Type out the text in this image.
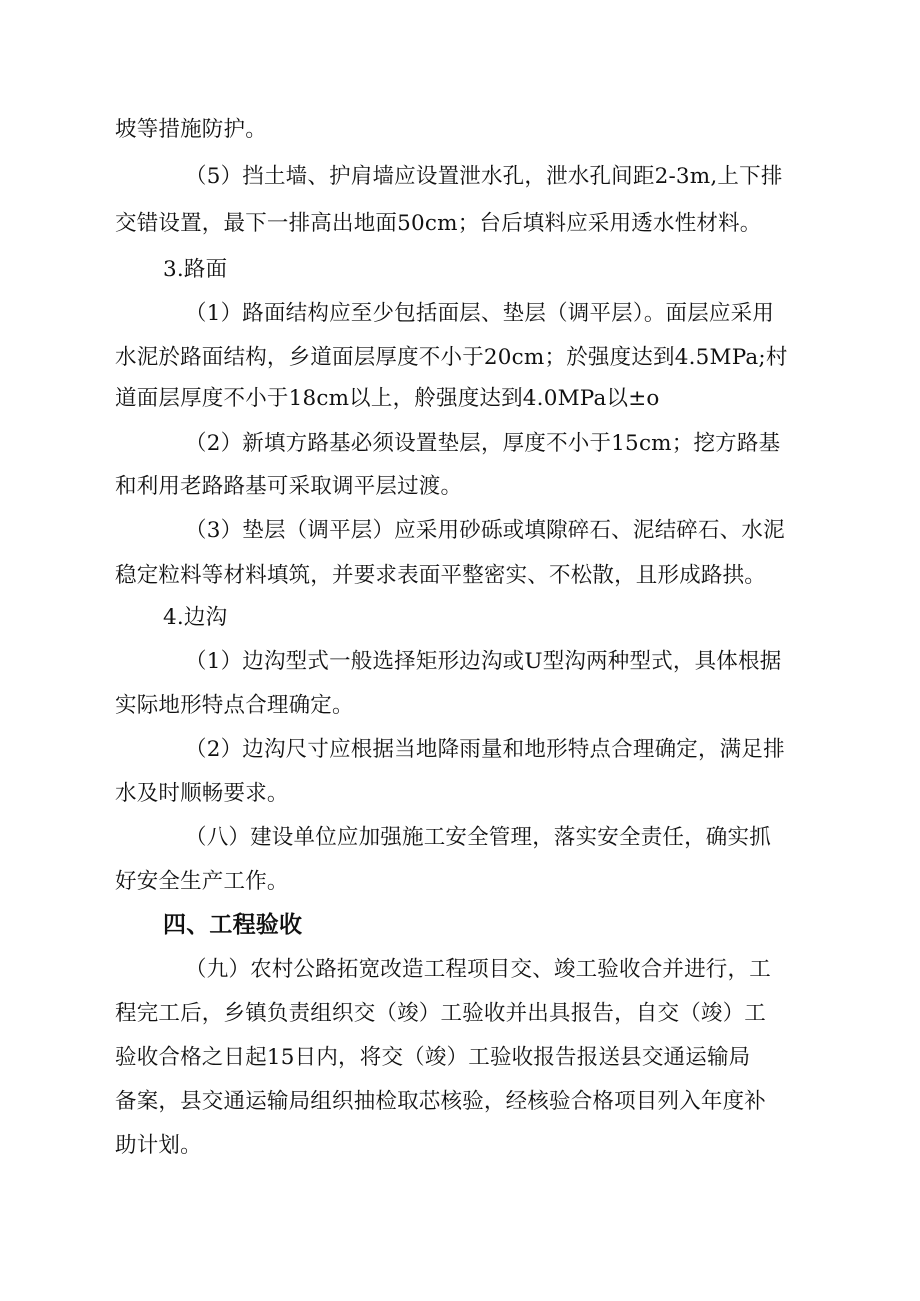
坡等措施防护。
（5）挡土墙、护肩墙应设置泄水孔，泄水孔间距2-3m,上下排
交错设置，最下一排高出地面50cm；台后填料应采用透水性材料。
3.路面
（1）路面结构应至少包括面层、垫层（调平层）。面层应采用
水泥於路面结构，乡道面层厚度不小于20cm；於强度达到4.5MPa;村
道面层厚度不小于18cm以上，舲强度达到4.0MPa以±o
（2）新填方路基必须设置垫层，厚度不小于15cm；挖方路基
和利用老路路基可采取调平层过渡。
（3）垫层（调平层）应采用砂砾或填隙碎石、泥结碎石、水泥
稳定粒料等材料填筑，并要求表面平整密实、不松散，且形成路拱。
4.边沟
（1）边沟型式一般选择矩形边沟或U型沟两种型式，具体根据
实际地形特点合理确定。
（2）边沟尺寸应根据当地降雨量和地形特点合理确定，满足排
水及时顺畅要求。
（八）建设单位应加强施工安全管理，落实安全责任，确实抓
好安全生产工作。
四、工程验收
（九）农村公路拓宽改造工程项目交、竣工验收合并进行，工
程完工后，乡镇负责组织交（竣）工验收并出具报告，自交（竣）工
验收合格之日起15日内，将交（竣）工验收报告报送县交通运输局
备案，县交通运输局组织抽检取芯核验，经核验合格项目列入年度补
助计划。
